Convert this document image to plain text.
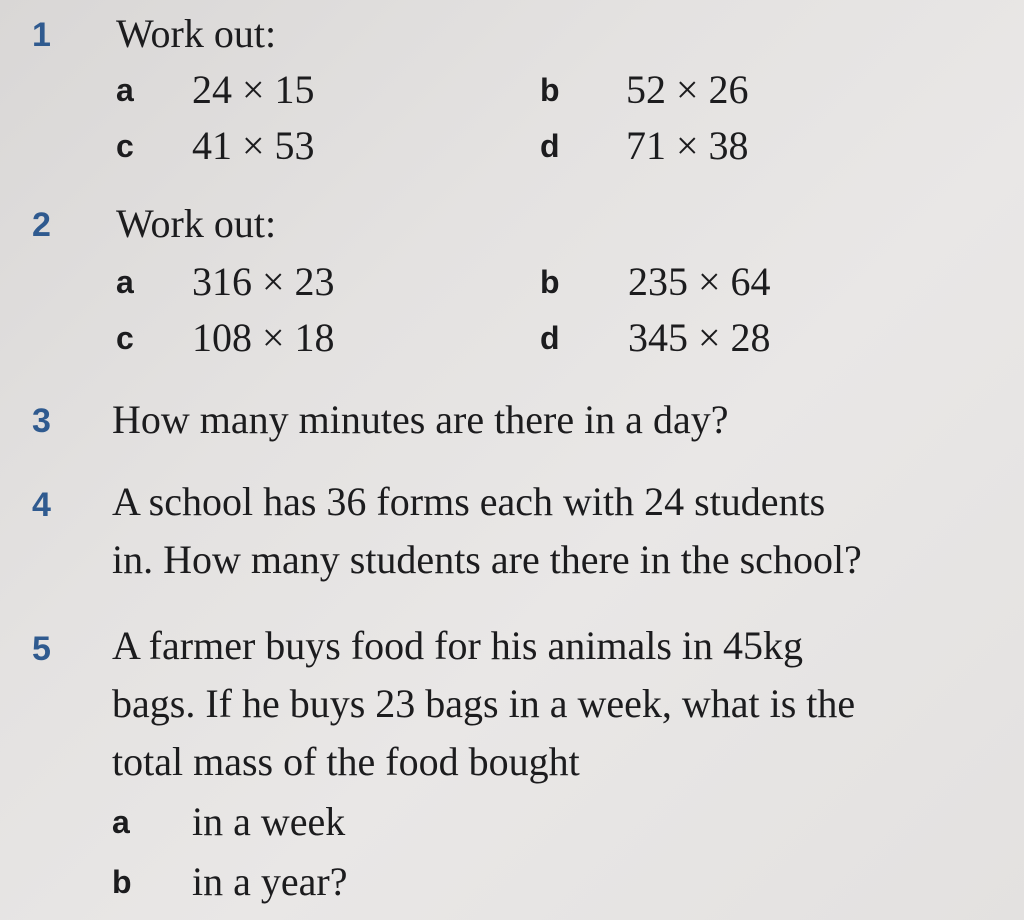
1 Work out:
a 24 × 15	b 52 × 26
c 41 × 53	d 71 × 38
2 Work out:
a 316 × 23	b 235 × 64
c 108 × 18	d 345 × 28
3 How many minutes are there in a day?
4 A school has 36 forms each with 24 students
in. How many students are there in the school?
5 A farmer buys food for his animals in 45kg
bags. If he buys 23 bags in a week, what is the
total mass of the food bought
a in a week
b in a year?
